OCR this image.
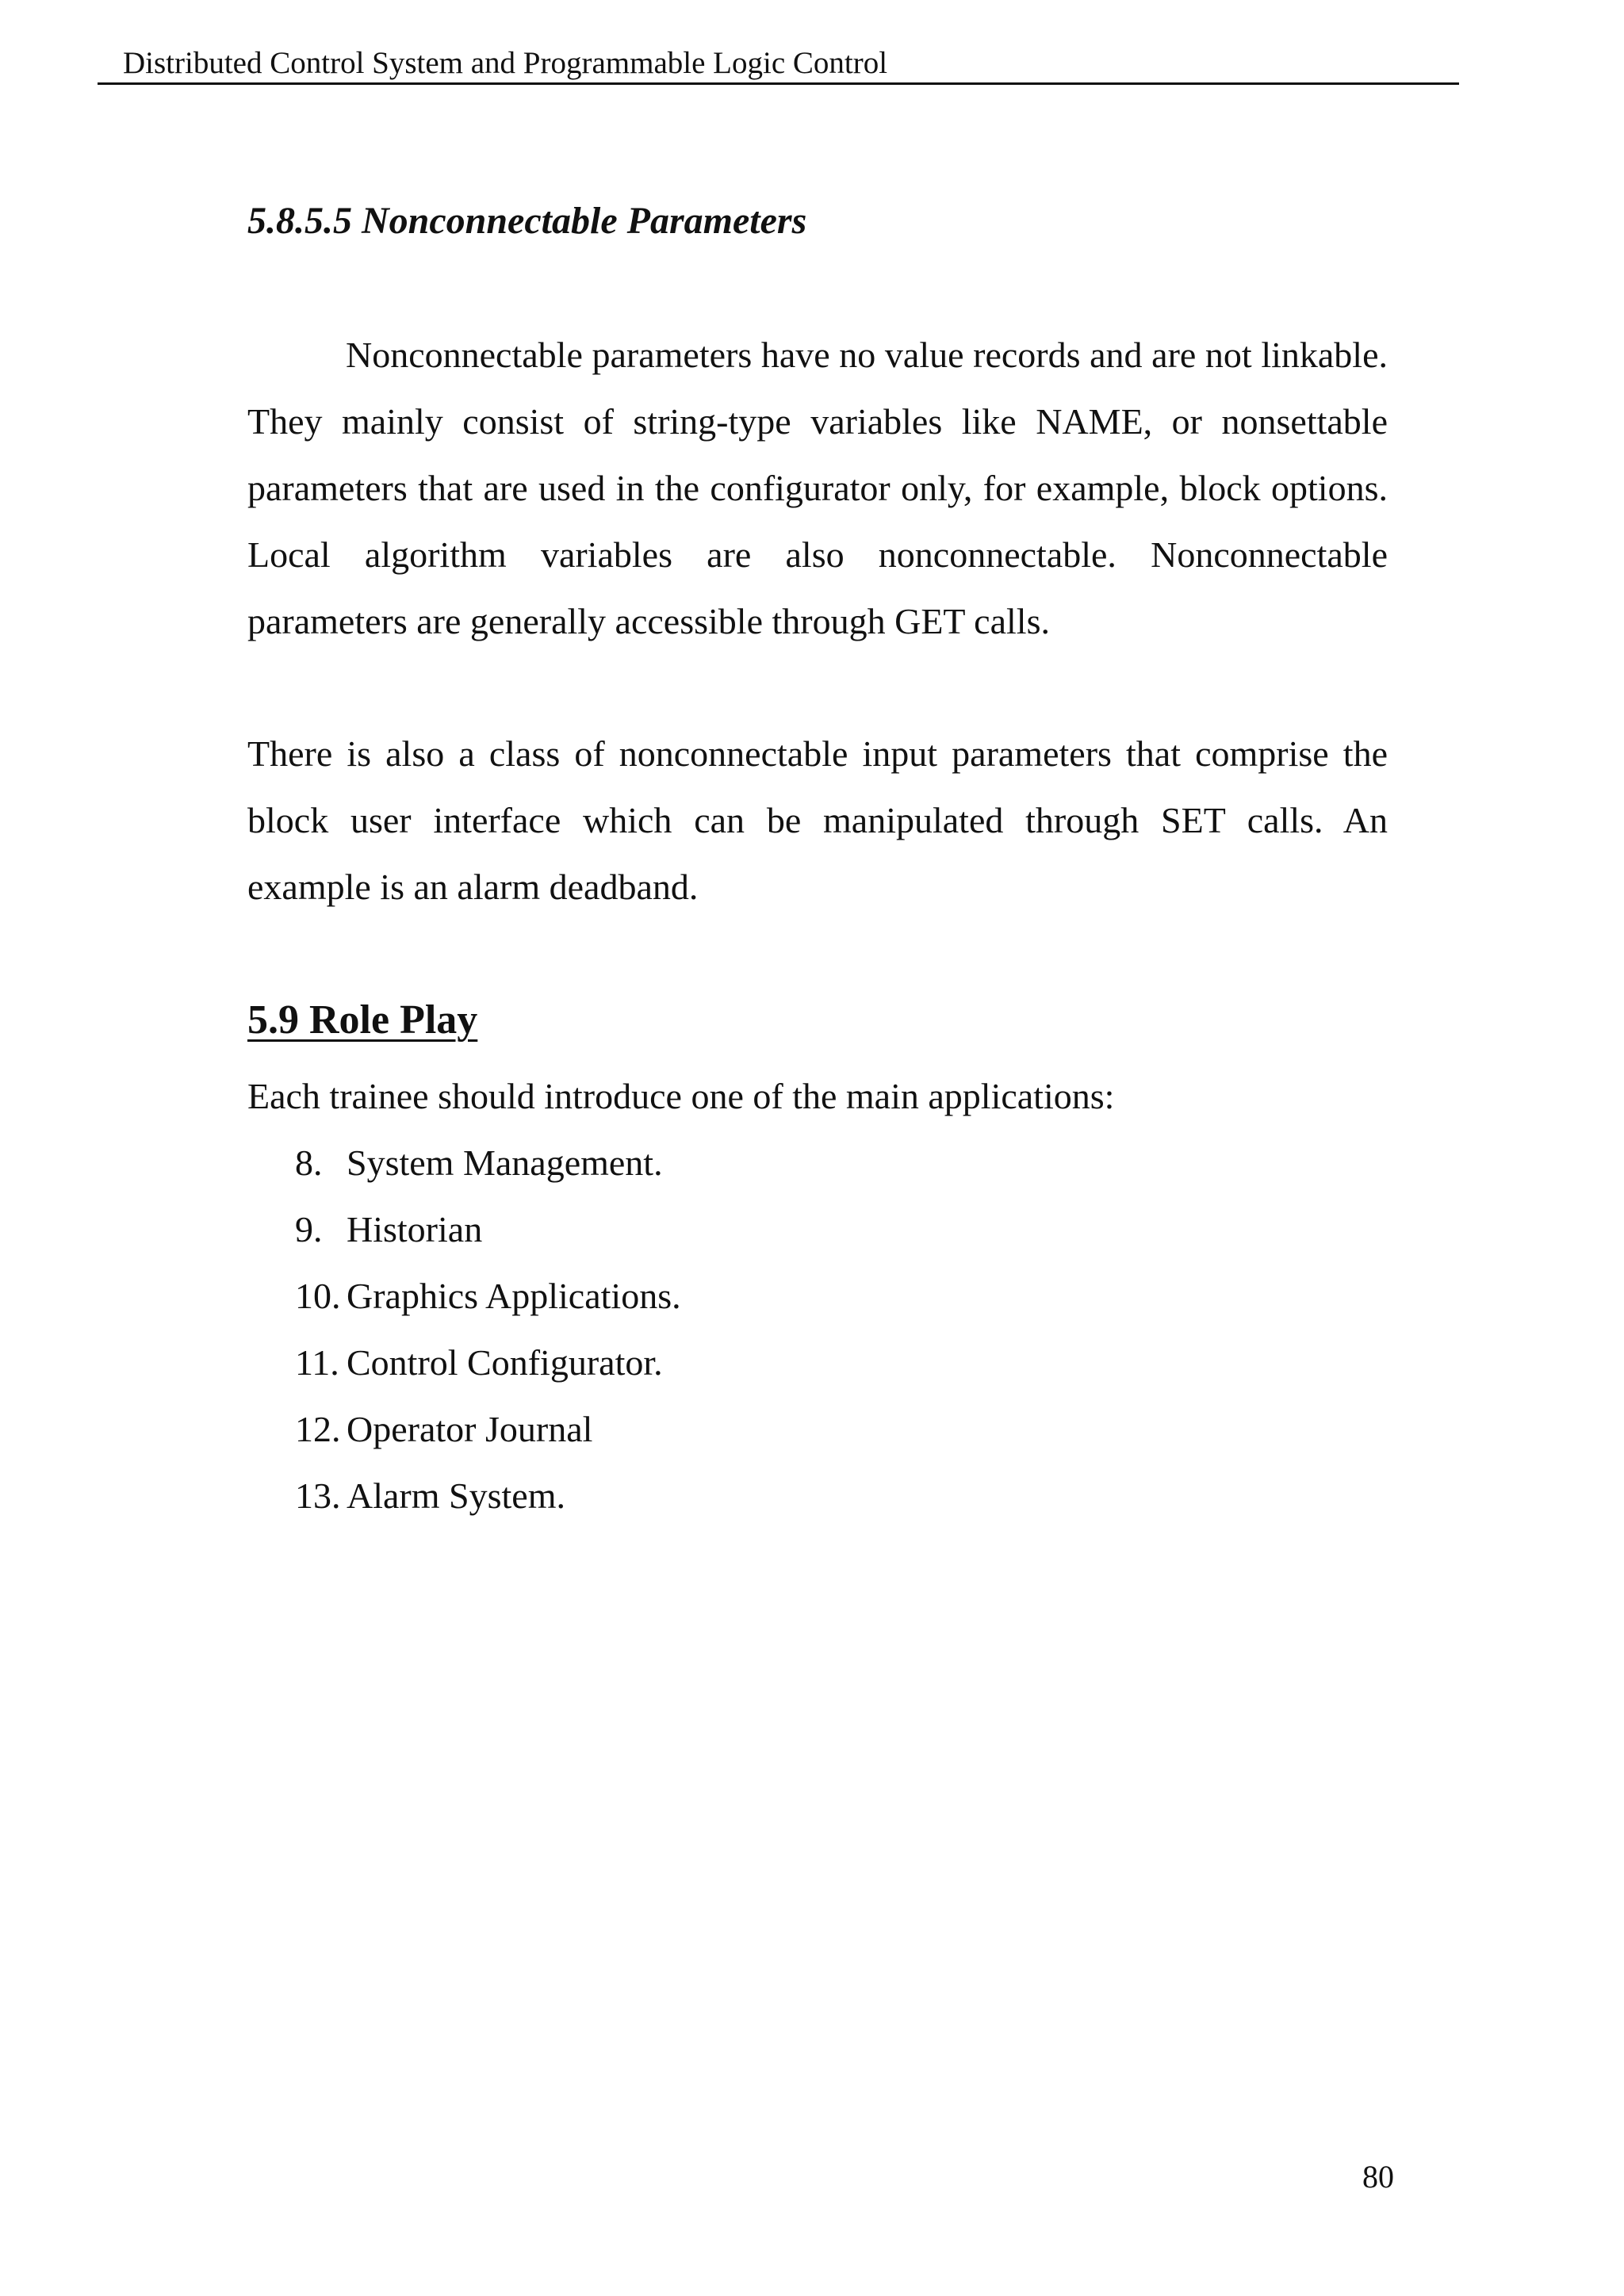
Distributed Control System and Programmable Logic Control
5.8.5.5 Nonconnectable Parameters

Nonconnectable parameters have no value records and are not linkable. They mainly consist of string-type variables like NAME, or nonsettable parameters that are used in the configurator only, for example, block options. Local algorithm variables are also nonconnectable. Nonconnectable parameters are generally accessible through GET calls.

There is also a class of nonconnectable input parameters that comprise the block user interface which can be manipulated through SET calls. An example is an alarm deadband.

5.9 Role Play

Each trainee should introduce one of the main applications:

8. System Management.
9. Historian
10. Graphics Applications.
11. Control Configurator.
12. Operator Journal
13. Alarm System.
80
